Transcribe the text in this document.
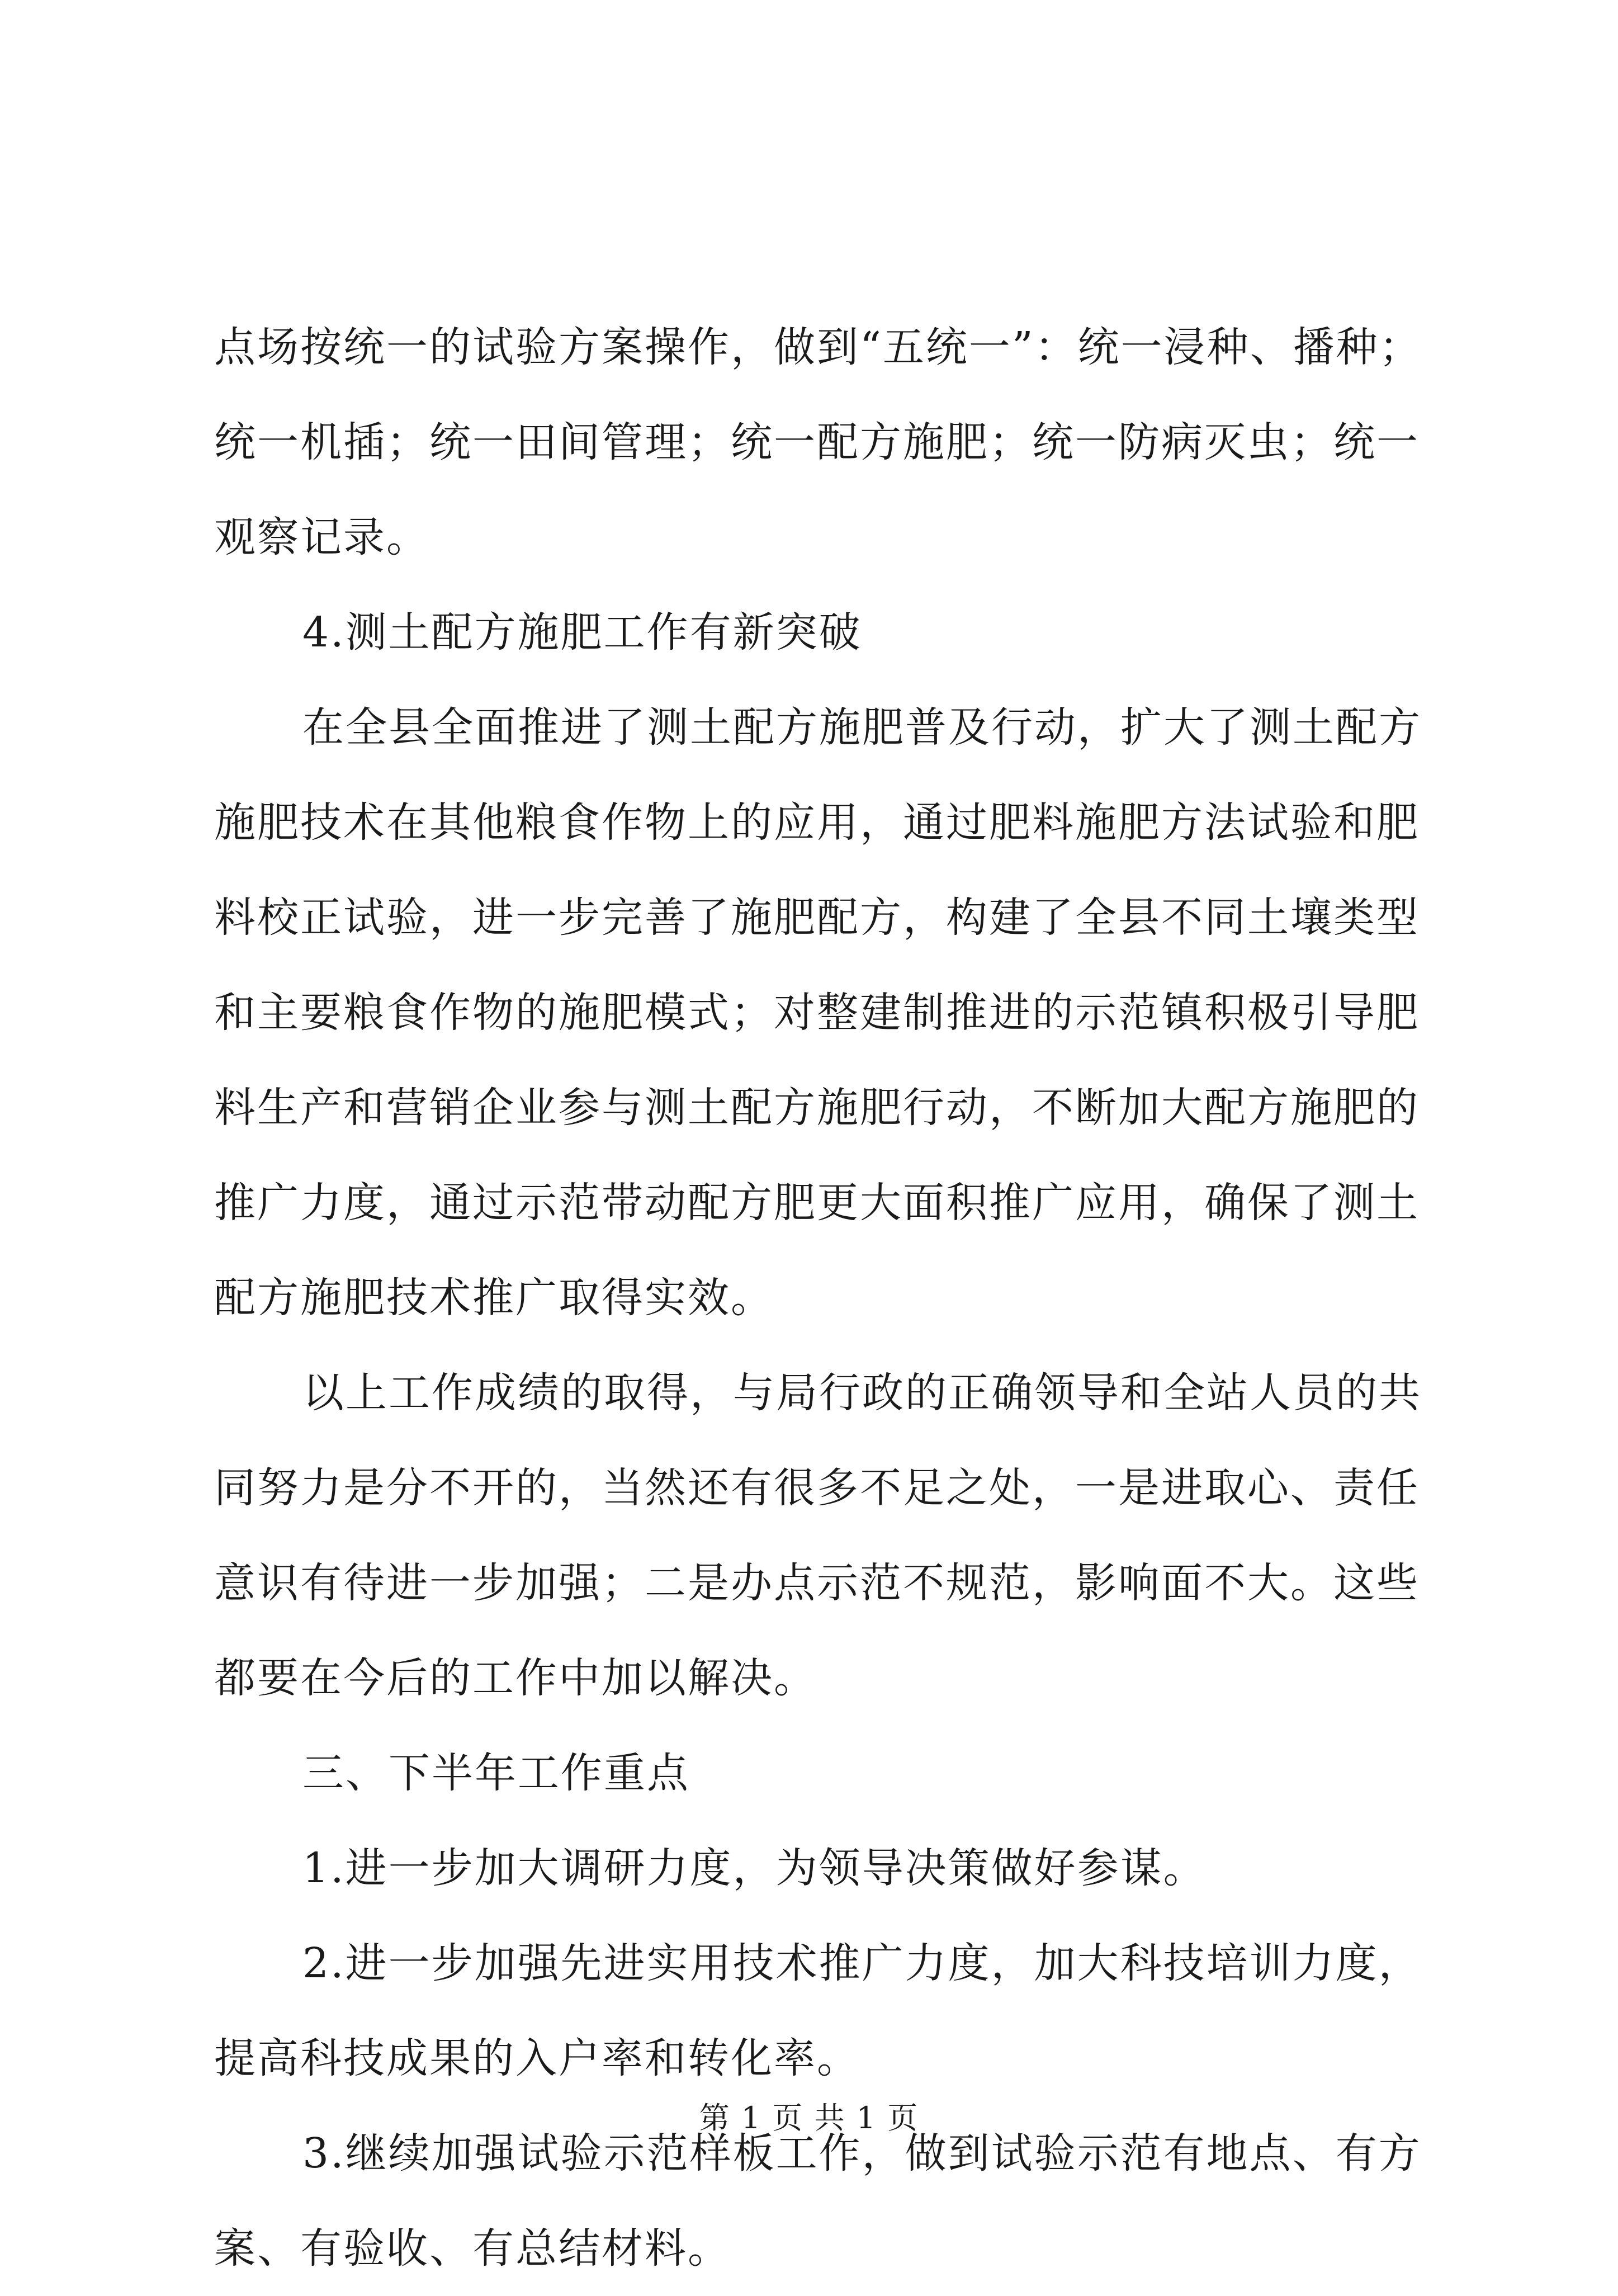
点场按统一的试验方案操作，做到“五统一”：统一浸种、播种；
统一机插；统一田间管理；统一配方施肥；统一防病灭虫；统一
观察记录。
4.测土配方施肥工作有新突破
在全县全面推进了测土配方施肥普及行动，扩大了测土配方
施肥技术在其他粮食作物上的应用，通过肥料施肥方法试验和肥
料校正试验，进一步完善了施肥配方，构建了全县不同土壤类型
和主要粮食作物的施肥模式；对整建制推进的示范镇积极引导肥
料生产和营销企业参与测土配方施肥行动，不断加大配方施肥的
推广力度，通过示范带动配方肥更大面积推广应用，确保了测土
配方施肥技术推广取得实效。
以上工作成绩的取得，与局行政的正确领导和全站人员的共
同努力是分不开的，当然还有很多不足之处，一是进取心、责任
意识有待进一步加强；二是办点示范不规范，影响面不大。这些
都要在今后的工作中加以解决。
三、下半年工作重点
1.进一步加大调研力度，为领导决策做好参谋。
2.进一步加强先进实用技术推广力度，加大科技培训力度，
提高科技成果的入户率和转化率。
3.继续加强试验示范样板工作，做到试验示范有地点、有方
案、有验收、有总结材料。
第 1 页 共 1 页
